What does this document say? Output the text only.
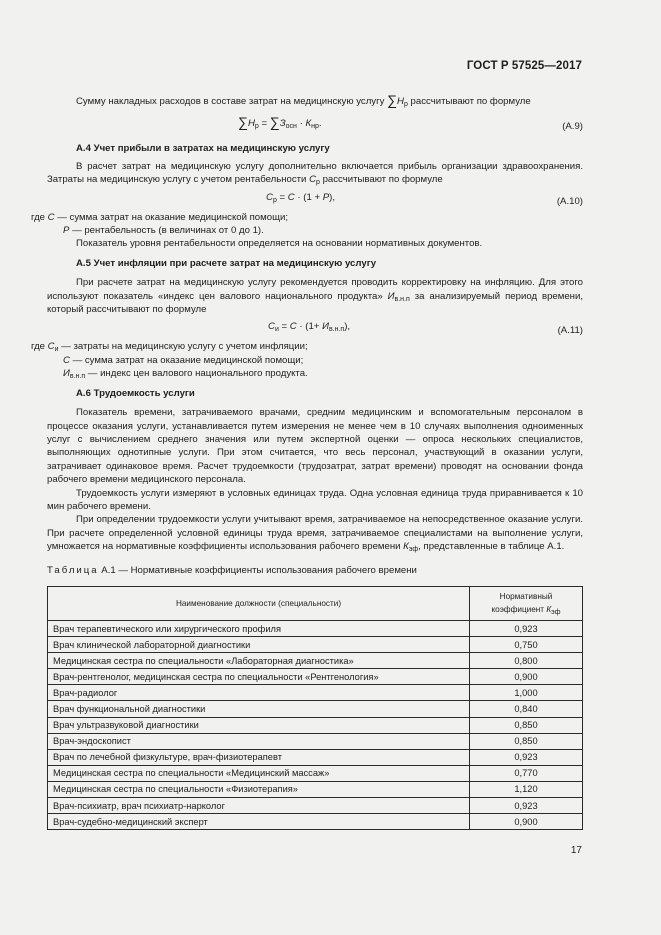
ГОСТ Р 57525—2017

Сумму накладных расходов в составе затрат на медицинскую услугу $\sum Н_р$ рассчитывают по формуле

$\sum Н_р = \sum З_{осн} \cdot К_{нр}$.	(А.9)

А.4 Учет прибыли в затратах на медицинскую услугу

В расчет затрат на медицинскую услугу дополнительно включается прибыль организации здравоохранения. Затраты на медицинскую услугу с учетом рентабельности $С_р$ рассчитывают по формуле

$С_р = С \cdot (1 + Р)$,	(А.10)

где С — сумма затрат на оказание медицинской помощи;

Р — рентабельность (в величинах от 0 до 1).

Показатель уровня рентабельности определяется на основании нормативных документов.

А.5 Учет инфляции при расчете затрат на медицинскую услугу

При расчете затрат на медицинскую услугу рекомендуется проводить корректировку на инфляцию. Для этого используют показатель «индекс цен валового национального продукта» $И_{в.н.п}$ за анализируемый период времени, который рассчитывают по формуле

$С_и = С \cdot (1+ И_{в.н.п})$,	(А.11)

где $С_и$ — затраты на медицинскую услугу с учетом инфляции;

С — сумма затрат на оказание медицинской помощи;

$И_{в.н.п}$ — индекс цен валового национального продукта.

А.6 Трудоемкость услуги

Показатель времени, затрачиваемого врачами, средним медицинским и вспомогательным персоналом в процессе оказания услуги, устанавливается путем измерения не менее чем в 10 случаях выполнения одноименных услуг с вычислением среднего значения или путем экспертной оценки — опроса нескольких специалистов, выполняющих однотипные услуги. При этом считается, что весь персонал, участвующий в оказании услуги, затрачивает одинаковое время. Расчет трудоемкости (трудозатрат, затрат времени) проводят на основании фонда рабочего времени медицинского персонала.

Трудоемкость услуги измеряют в условных единицах труда. Одна условная единица труда приравнивается к 10 мин рабочего времени.

При определении трудоемкости услуги учитывают время, затрачиваемое на непосредственное оказание услуги. При расчете определенной условной единицы труда время, затрачиваемое специалистами на выполнение услуги, умножается на нормативные коэффициенты использования рабочего времени $К_{эф}$, представленные в таблице А.1.

Таблица А.1 — Нормативные коэффициенты использования рабочего времени

Наименование должности (специальности)	Нормативный
коэффициент $К_{эф}$
Врач терапевтического или хирургического профиля	0,923
Врач клинической лабораторной диагностики	0,750
Медицинская сестра по специальности «Лабораторная диагностика»	0,800
Врач-рентгенолог, медицинская сестра по специальности «Рентгенология»	0,900
Врач-радиолог	1,000
Врач функциональной диагностики	0,840
Врач ультразвуковой диагностики	0,850
Врач-эндоскопист	0,850
Врач по лечебной физкультуре, врач-физиотерапевт	0,923
Медицинская сестра по специальности «Медицинский массаж»	0,770
Медицинская сестра по специальности «Физиотерапия»	1,120
Врач-психиатр, врач психиатр-нарколог	0,923
Врач-судебно-медицинский эксперт	0,900
17
